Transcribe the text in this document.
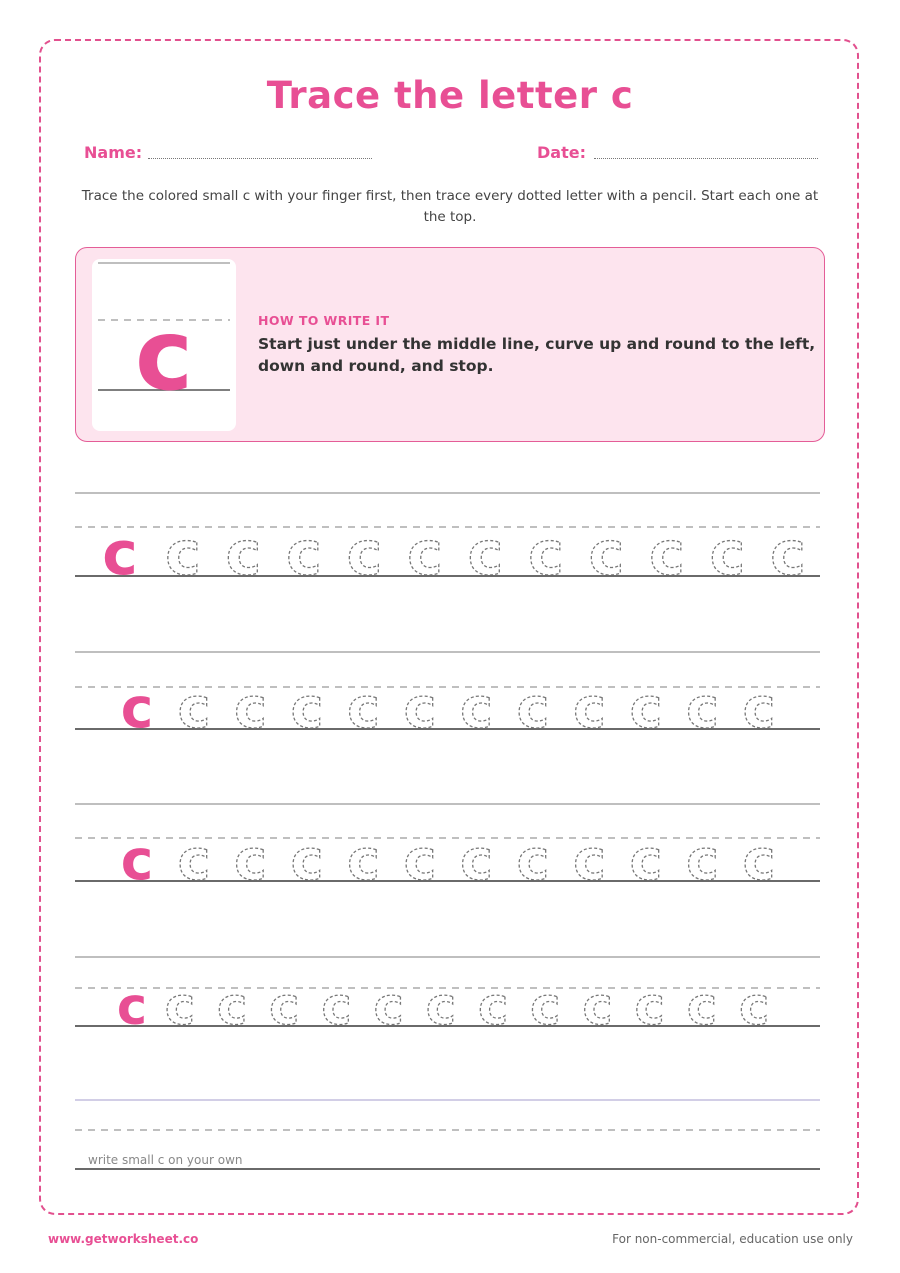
Trace the letter c
Name:	Date:
Trace the colored small c with your finger first, then trace every dotted letter with a pencil. Start each one at the top.
c	HOW TO WRITE IT
Start just under the middle line, curve up and round to the left, down and round, and stop.
c c c c c c c c c c c c
c c c c c c c c c c c c
c c c c c c c c c c c c
c c c c c c c c c c c c c
write small c on your own
www.getworksheet.co	For non-commercial, education use only
